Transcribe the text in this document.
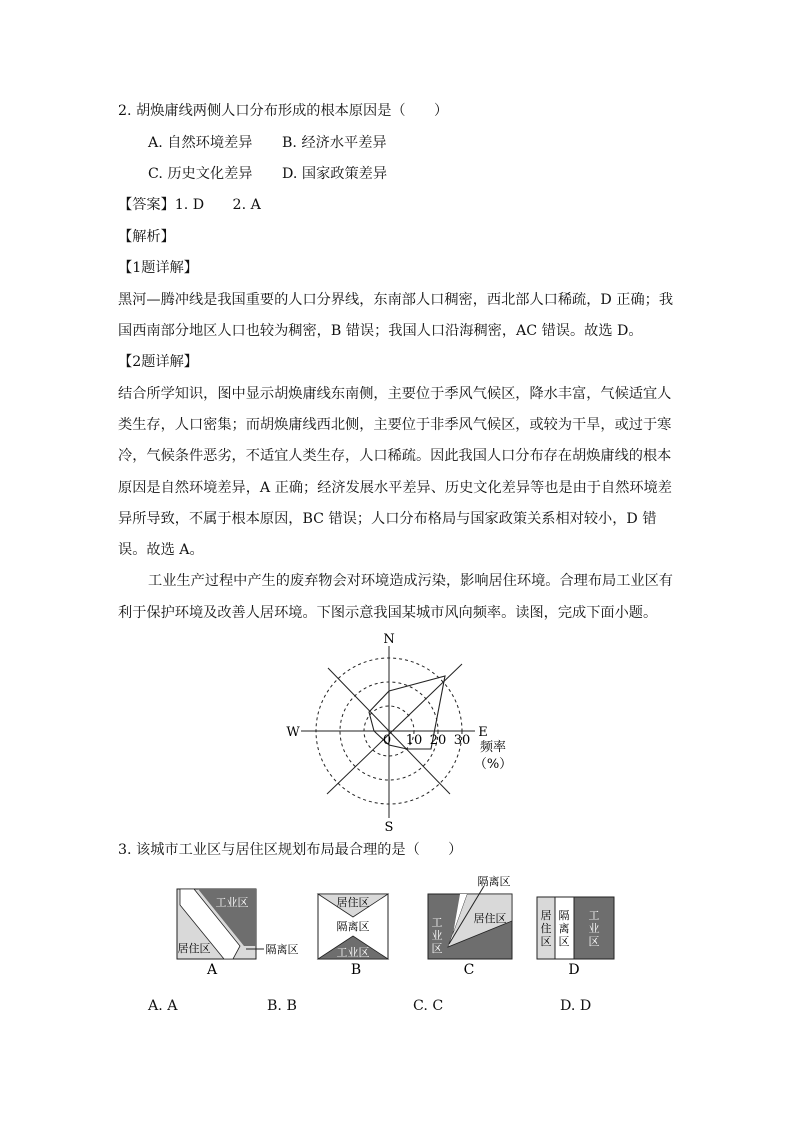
2. 胡焕庸线两侧人口分布形成的根本原因是（　　）
A. 自然环境差异 B. 经济水平差异
C. 历史文化差异 D. 国家政策差异
【答案】1. D　　2. A
【解析】
【1题详解】
黑河—腾冲线是我国重要的人口分界线，东南部人口稠密，西北部人口稀疏，D 正确；我
国西南部分地区人口也较为稠密，B 错误；我国人口沿海稠密，AC 错误。故选 D。
【2题详解】
结合所学知识，图中显示胡焕庸线东南侧，主要位于季风气候区，降水丰富，气候适宜人
类生存，人口密集；而胡焕庸线西北侧，主要位于非季风气候区，或较为干旱，或过于寒
冷，气候条件恶劣，不适宜人类生存，人口稀疏。因此我国人口分布存在胡焕庸线的根本
原因是自然环境差异，A 正确；经济发展水平差异、历史文化差异等也是由于自然环境差
异所导致，不属于根本原因，BC 错误；人口分布格局与国家政策关系相对较小，D 错
误。故选 A。
工业生产过程中产生的废弃物会对环境造成污染，影响居住环境。合理布局工业区有
利于保护环境及改善人居环境。下图示意我国某城市风向频率。读图，完成下面小题。
N
S
W	E
0 10 20 30 频率
（%）
3. 该城市工业区与居住区规划布局最合理的是（　　）
工业区
居住区	隔离区
居住区
隔离区
工业区
隔离区
居住区
工
业
区
居
住
区
隔
离
区
工
业
区
A	B	C	D
A. A	B. B	C. C	D. D
